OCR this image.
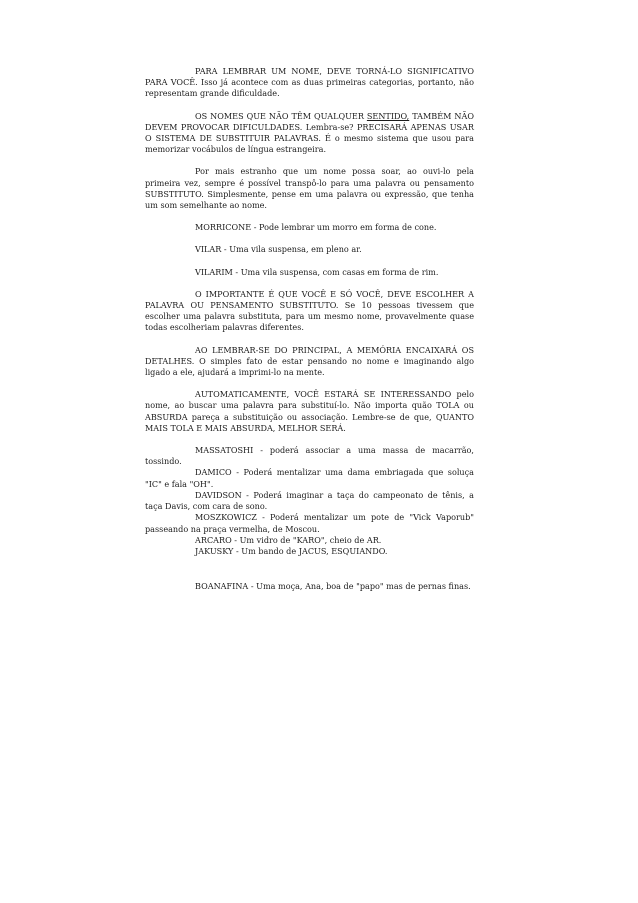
PARA LEMBRAR UM NOME, DEVE TORNÁ-LO SIGNIFICATIVO PARA VOCÊ. Isso já acontece com as duas primeiras categorias, portanto, não representam grande dificuldade.

OS NOMES QUE NÃO TÊM QUALQUER SENTIDO, TAMBÉM NÃO DEVEM PROVOCAR DIFICULDADES. Lembra-se? PRECISARÁ APENAS USAR O SISTEMA DE SUBSTITUIR PALAVRAS. É o mesmo sistema que usou para memorizar vocábulos de língua estrangeira.

Por mais estranho que um nome possa soar, ao ouvi-lo pela primeira vez, sempre é possível transpô-lo para uma palavra ou pensamento SUBSTITUTO. Simplesmente, pense em uma palavra ou expressão, que tenha um som semelhante ao nome.

MORRICONE - Pode lembrar um morro em forma de cone.

VILAR - Uma vila suspensa, em pleno ar.

VILARIM - Uma vila suspensa, com casas em forma de rim.

O IMPORTANTE É QUE VOCÊ E SÓ VOCÊ, DEVE ESCOLHER A PALAVRA OU PENSAMENTO SUBSTITUTO. Se 10 pessoas tivessem que escolher uma palavra substituta, para um mesmo nome, provavelmente quase todas escolheriam palavras diferentes.

AO LEMBRAR-SE DO PRINCIPAL, A MEMÓRIA ENCAIXARÁ OS DETALHES. O simples fato de estar pensando no nome e imaginando algo ligado a ele, ajudará a imprimi-lo na mente.

AUTOMATICAMENTE, VOCÊ ESTARÁ SE INTERESSANDO pelo nome, ao buscar uma palavra para substituí-lo. Não importa quão TOLA ou ABSURDA pareça a substituição ou associação. Lembre-se de que, QUANTO MAIS TOLA E MAIS ABSURDA, MELHOR SERÁ.

MASSATOSHI - poderá associar a uma massa de macarrão, tossindo.

DAMICO - Poderá mentalizar uma dama embriagada que soluça "IC" e fala "OH".

DAVIDSON - Poderá imaginar a taça do campeonato de tênis, a taça Davis, com cara de sono.

MOSZKOWICZ - Poderá mentalizar um pote de "Vick Vaporub" passeando na praça vermelha, de Moscou.

ARCARO - Um vidro de "KARO", cheio de AR.

JAKUSKY - Um bando de JACUS, ESQUIANDO.

BOANAFINA - Uma moça, Ana, boa de "papo" mas de pernas finas.
